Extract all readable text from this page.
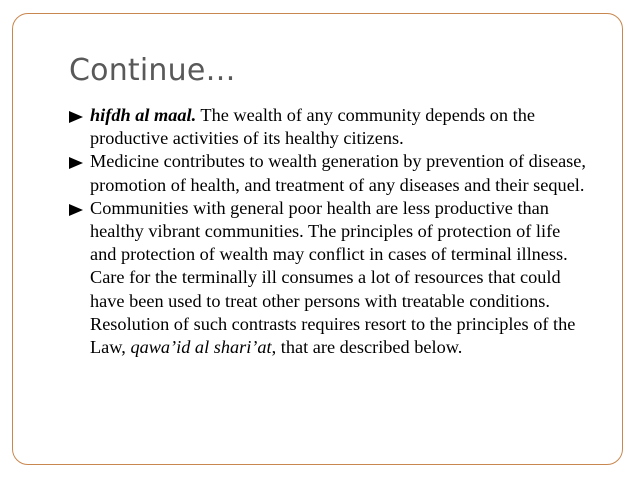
Continue…
hifdh al maal. The wealth of any community depends on the productive activities of its healthy citizens.
Medicine contributes to wealth generation by prevention of disease, promotion of health, and treatment of any diseases and their sequel.
Communities with general poor health are less productive than healthy vibrant communities. The principles of protection of life and protection of wealth may conflict in cases of terminal illness. Care for the terminally ill consumes a lot of resources that could have been used to treat other persons with treatable conditions. Resolution of such contrasts requires resort to the principles of the Law, qawa’id al shari’at, that are described below.
